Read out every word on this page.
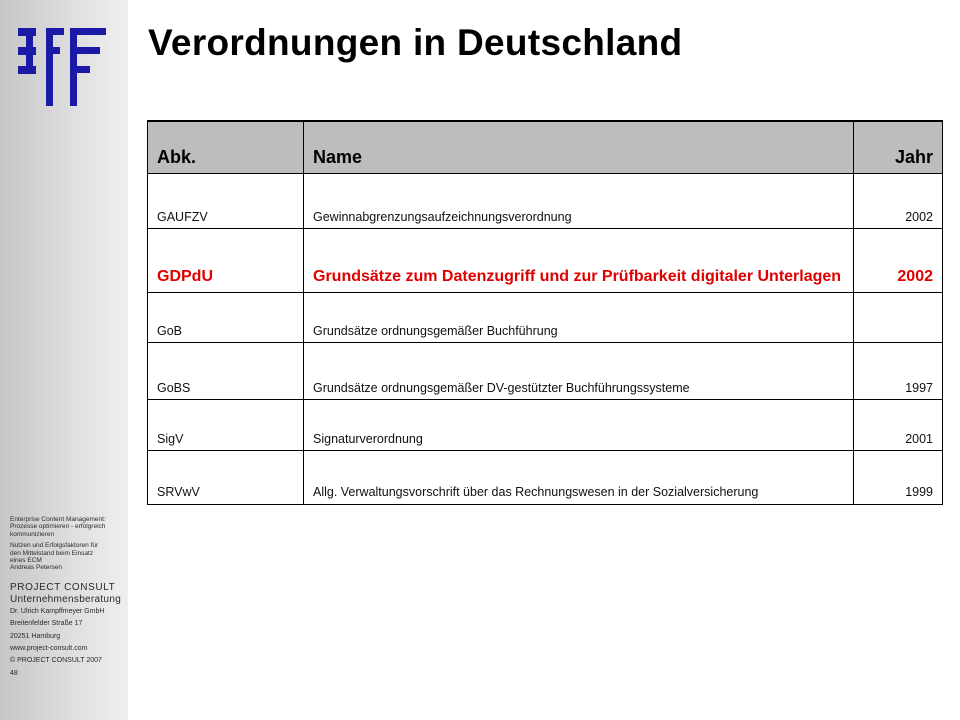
Enterprise Content Management:
Prozesse optimieren - erfolgreich
kommunizieren
Nutzen und Erfolgsfaktoren für
den Mittelstand beim Einsatz
eines ECM
Andreas Petersen
PROJECT CONSULT
Unternehmensberatung
Dr. Ulrich Kampffmeyer GmbH
Breitenfelder Straße 17
20251 Hamburg
www.project-consult.com
© PROJECT CONSULT 2007
48
Verordnungen in Deutschland
Abk.	Name	Jahr
GAUFZV	Gewinnabgrenzungsaufzeichnungsverordnung	2002
GDPdU	Grundsätze zum Datenzugriff und zur Prüfbarkeit digitaler Unterlagen	2002
GoB	Grundsätze ordnungsgemäßer Buchführung	
GoBS	Grundsätze ordnungsgemäßer DV-gestützter Buchführungssysteme	1997
SigV	Signaturverordnung	2001
SRVwV	Allg. Verwaltungsvorschrift über das Rechnungswesen in der Sozialversicherung	1999
